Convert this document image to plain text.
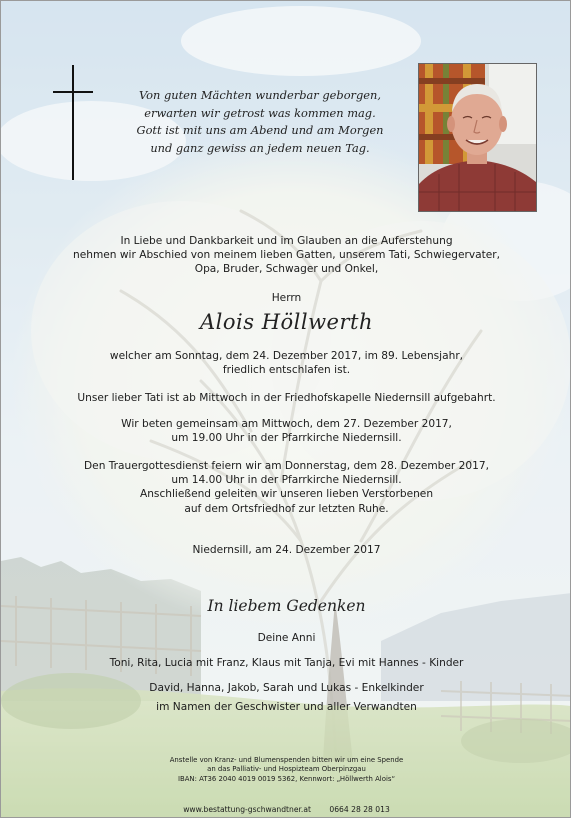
Von guten Mächten wunderbar geborgen,
erwarten wir getrost was kommen mag.
Gott ist mit uns am Abend und am Morgen
und ganz gewiss an jedem neuen Tag.
In Liebe und Dankbarkeit und im Glauben an die Auferstehung
nehmen wir Abschied von meinem lieben Gatten, unserem Tati, Schwiegervater,
Opa, Bruder, Schwager und Onkel,
Herrn
Alois Höllwerth
welcher am Sonntag, dem 24. Dezember 2017, im 89. Lebensjahr,
friedlich entschlafen ist.
Unser lieber Tati ist ab Mittwoch in der Friedhofskapelle Niedernsill aufgebahrt.
Wir beten gemeinsam am Mittwoch, dem 27. Dezember 2017,
um 19.00 Uhr in der Pfarrkirche Niedernsill.
Den Trauergottesdienst feiern wir am Donnerstag, dem 28. Dezember 2017,
um 14.00 Uhr in der Pfarrkirche Niedernsill.
Anschließend geleiten wir unseren lieben Verstorbenen
auf dem Ortsfriedhof zur letzten Ruhe.
Niedernsill, am 24. Dezember 2017
In liebem Gedenken
Deine Anni
Toni, Rita, Lucia mit Franz, Klaus mit Tanja, Evi mit Hannes - Kinder
David, Hanna, Jakob, Sarah und Lukas - Enkelkinder
im Namen der Geschwister und aller Verwandten
Anstelle von Kranz- und Blumenspenden bitten wir um eine Spende
an das Palliativ- und Hospizteam Oberpinzgau
IBAN: AT36 2040 4019 0019 5362, Kennwort: „Höllwerth Alois“
www.bestattung-gschwandtner.at 0664 28 28 013
